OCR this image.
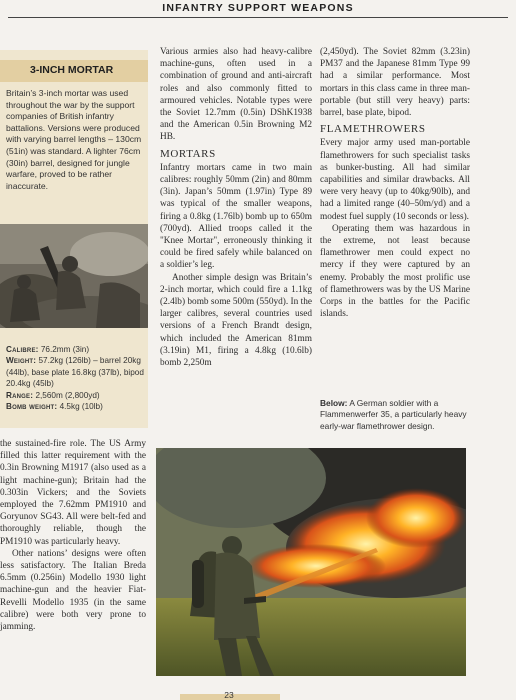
INFANTRY SUPPORT WEAPONS
3-INCH MORTAR
Britain’s 3-inch mortar was used throughout the war by the support companies of British infantry battalions. Versions were produced with varying barrel lengths – 130cm (51in) was standard. A lighter 76cm (30in) barrel, designed for jungle warfare, proved to be rather inaccurate.
Calibre: 76.2mm (3in)
Weight: 57.2kg (126lb) – barrel 20kg (44lb), base plate 16.8kg (37lb), bipod 20.4kg (45lb)
Range: 2,560m (2,800yd)
Bomb weight: 4.5kg (10lb)

Various armies also had heavy-calibre machine-guns, often used in a combination of ground and anti-aircraft roles and also commonly fitted to armoured vehicles. Notable types were the Soviet 12.7mm (0.5in) DShK1938 and the American 0.5in Browning M2 HB.

MORTARS

Infantry mortars came in two main calibres: roughly 50mm (2in) and 80mm (3in). Japan’s 50mm (1.97in) Type 89 was typical of the smaller weapons, firing a 0.8kg (1.76lb) bomb up to 650m (700yd). Allied troops called it the "Knee Mortar", erroneously thinking it could be fired safely while balanced on a soldier’s leg.

Another simple design was Britain’s 2-inch mortar, which could fire a 1.1kg (2.4lb) bomb some 500m (550yd). In the larger calibres, several countries used versions of a French Brandt design, which included the American 81mm (3.19in) M1, firing a 4.8kg (10.6lb) bomb 2,250m

(2,450yd). The Soviet 82mm (3.23in) PM37 and the Japanese 81mm Type 99 had a similar performance. Most mortars in this class came in three man-portable (but still very heavy) parts: barrel, base plate, bipod.

FLAMETHROWERS

Every major army used man-portable flamethrowers for such specialist tasks as bunker-busting. All had similar capabilities and similar drawbacks. All were very heavy (up to 40kg/90lb), and had a limited range (40–50m/yd) and a modest fuel supply (10 seconds or less).

Operating them was hazardous in the extreme, not least because flamethrower men could expect no mercy if they were captured by an enemy. Probably the most prolific use of flamethrowers was by the US Marine Corps in the battles for the Pacific islands.

Below: A German soldier with a Flammenwerfer 35, a particularly heavy early-war flamethrower design.

the sustained-fire role. The US Army filled this latter requirement with the 0.3in Browning M1917 (also used as a light machine-gun); Britain had the 0.303in Vickers; and the Soviets employed the 7.62mm PM1910 and Goryunov SG43. All were belt-fed and thoroughly reliable, though the PM1910 was particularly heavy.

Other nations’ designs were often less satisfactory. The Italian Breda 6.5mm (0.256in) Modello 1930 light machine-gun and the heavier Fiat-Revelli Modello 1935 (in the same calibre) were both very prone to jamming.

23
